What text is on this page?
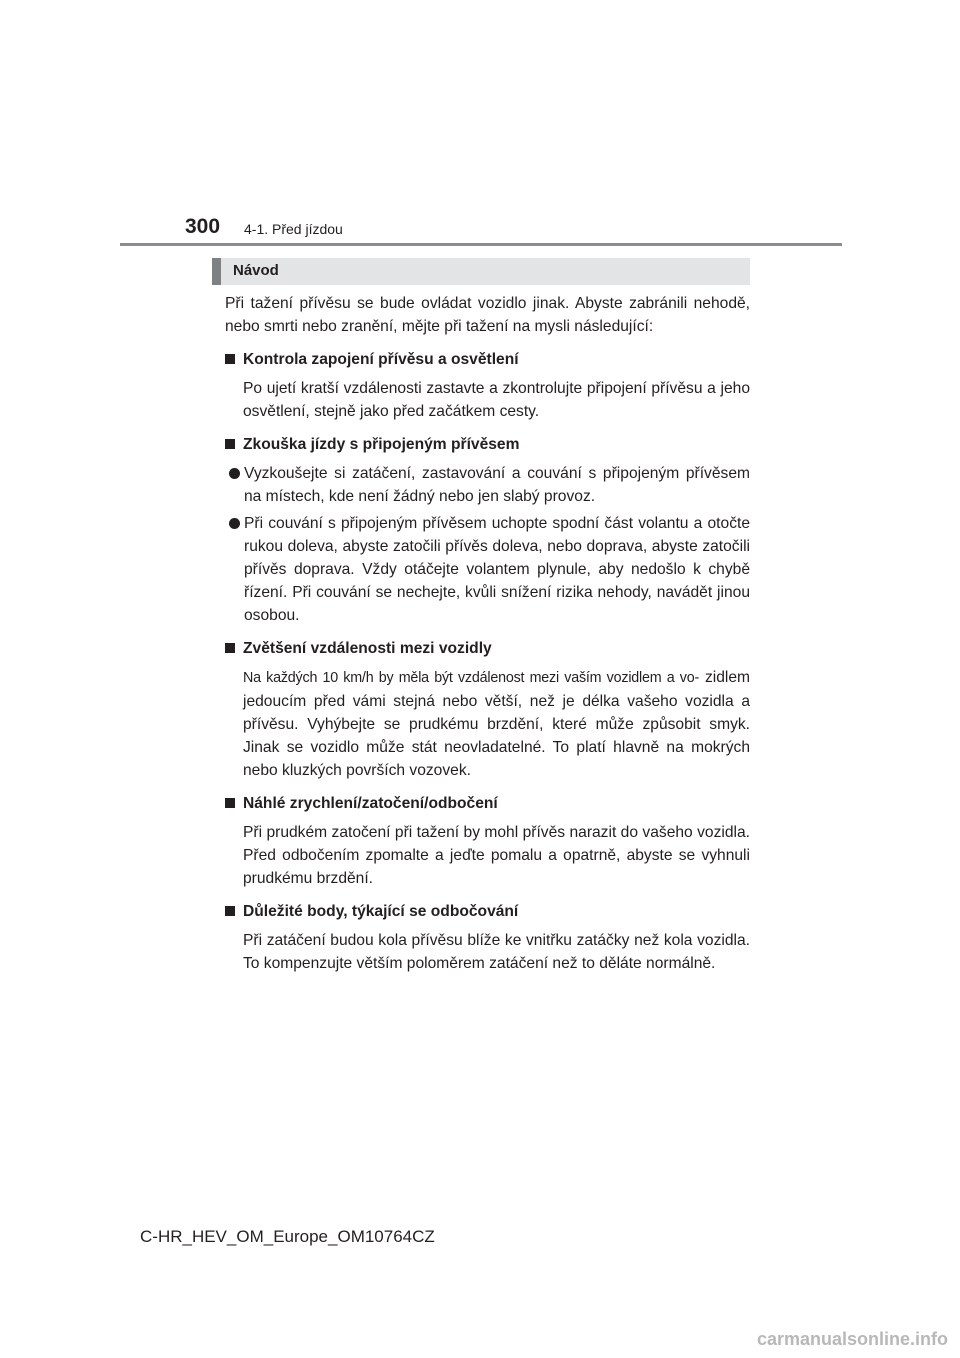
300 4-1. Před jízdou
Návod

Při tažení přívěsu se bude ovládat vozidlo jinak. Abyste zabránili nehodě, nebo smrti nebo zranění, mějte při tažení na mysli následující:

Kontrola zapojení přívěsu a osvětlení

Po ujetí kratší vzdálenosti zastavte a zkontrolujte připojení přívěsu a jeho osvětlení, stejně jako před začátkem cesty.

Zkouška jízdy s připojeným přívěsem
Vyzkoušejte si zatáčení, zastavování a couvání s připojeným přívěsem na místech, kde není žádný nebo jen slabý provoz.
Při couvání s připojeným přívěsem uchopte spodní část volantu a otočte rukou doleva, abyste zatočili přívěs doleva, nebo doprava, abyste zatočili přívěs doprava. Vždy otáčejte volantem plynule, aby nedošlo k chybě řízení. Při couvání se nechejte, kvůli snížení rizika nehody, navádět jinou osobou.
Zvětšení vzdálenosti mezi vozidly

Na každých 10 km/h by měla být vzdálenost mezi vaším vozidlem a vo- zidlem jedoucím před vámi stejná nebo větší, než je délka vašeho vozidla a přívěsu. Vyhýbejte se prudkému brzdění, které může způsobit smyk. Jinak se vozidlo může stát neovladatelné. To platí hlavně na mokrých nebo kluzkých površích vozovek.

Náhlé zrychlení/zatočení/odbočení

Při prudkém zatočení při tažení by mohl přívěs narazit do vašeho vozidla. Před odbočením zpomalte a jeďte pomalu a opatrně, abyste se vyhnuli prudkému brzdění.

Důležité body, týkající se odbočování

Při zatáčení budou kola přívěsu blíže ke vnitřku zatáčky než kola vozidla. To kompenzujte větším poloměrem zatáčení než to děláte normálně.

C-HR_HEV_OM_Europe_OM10764CZ
carmanualsonline.info
